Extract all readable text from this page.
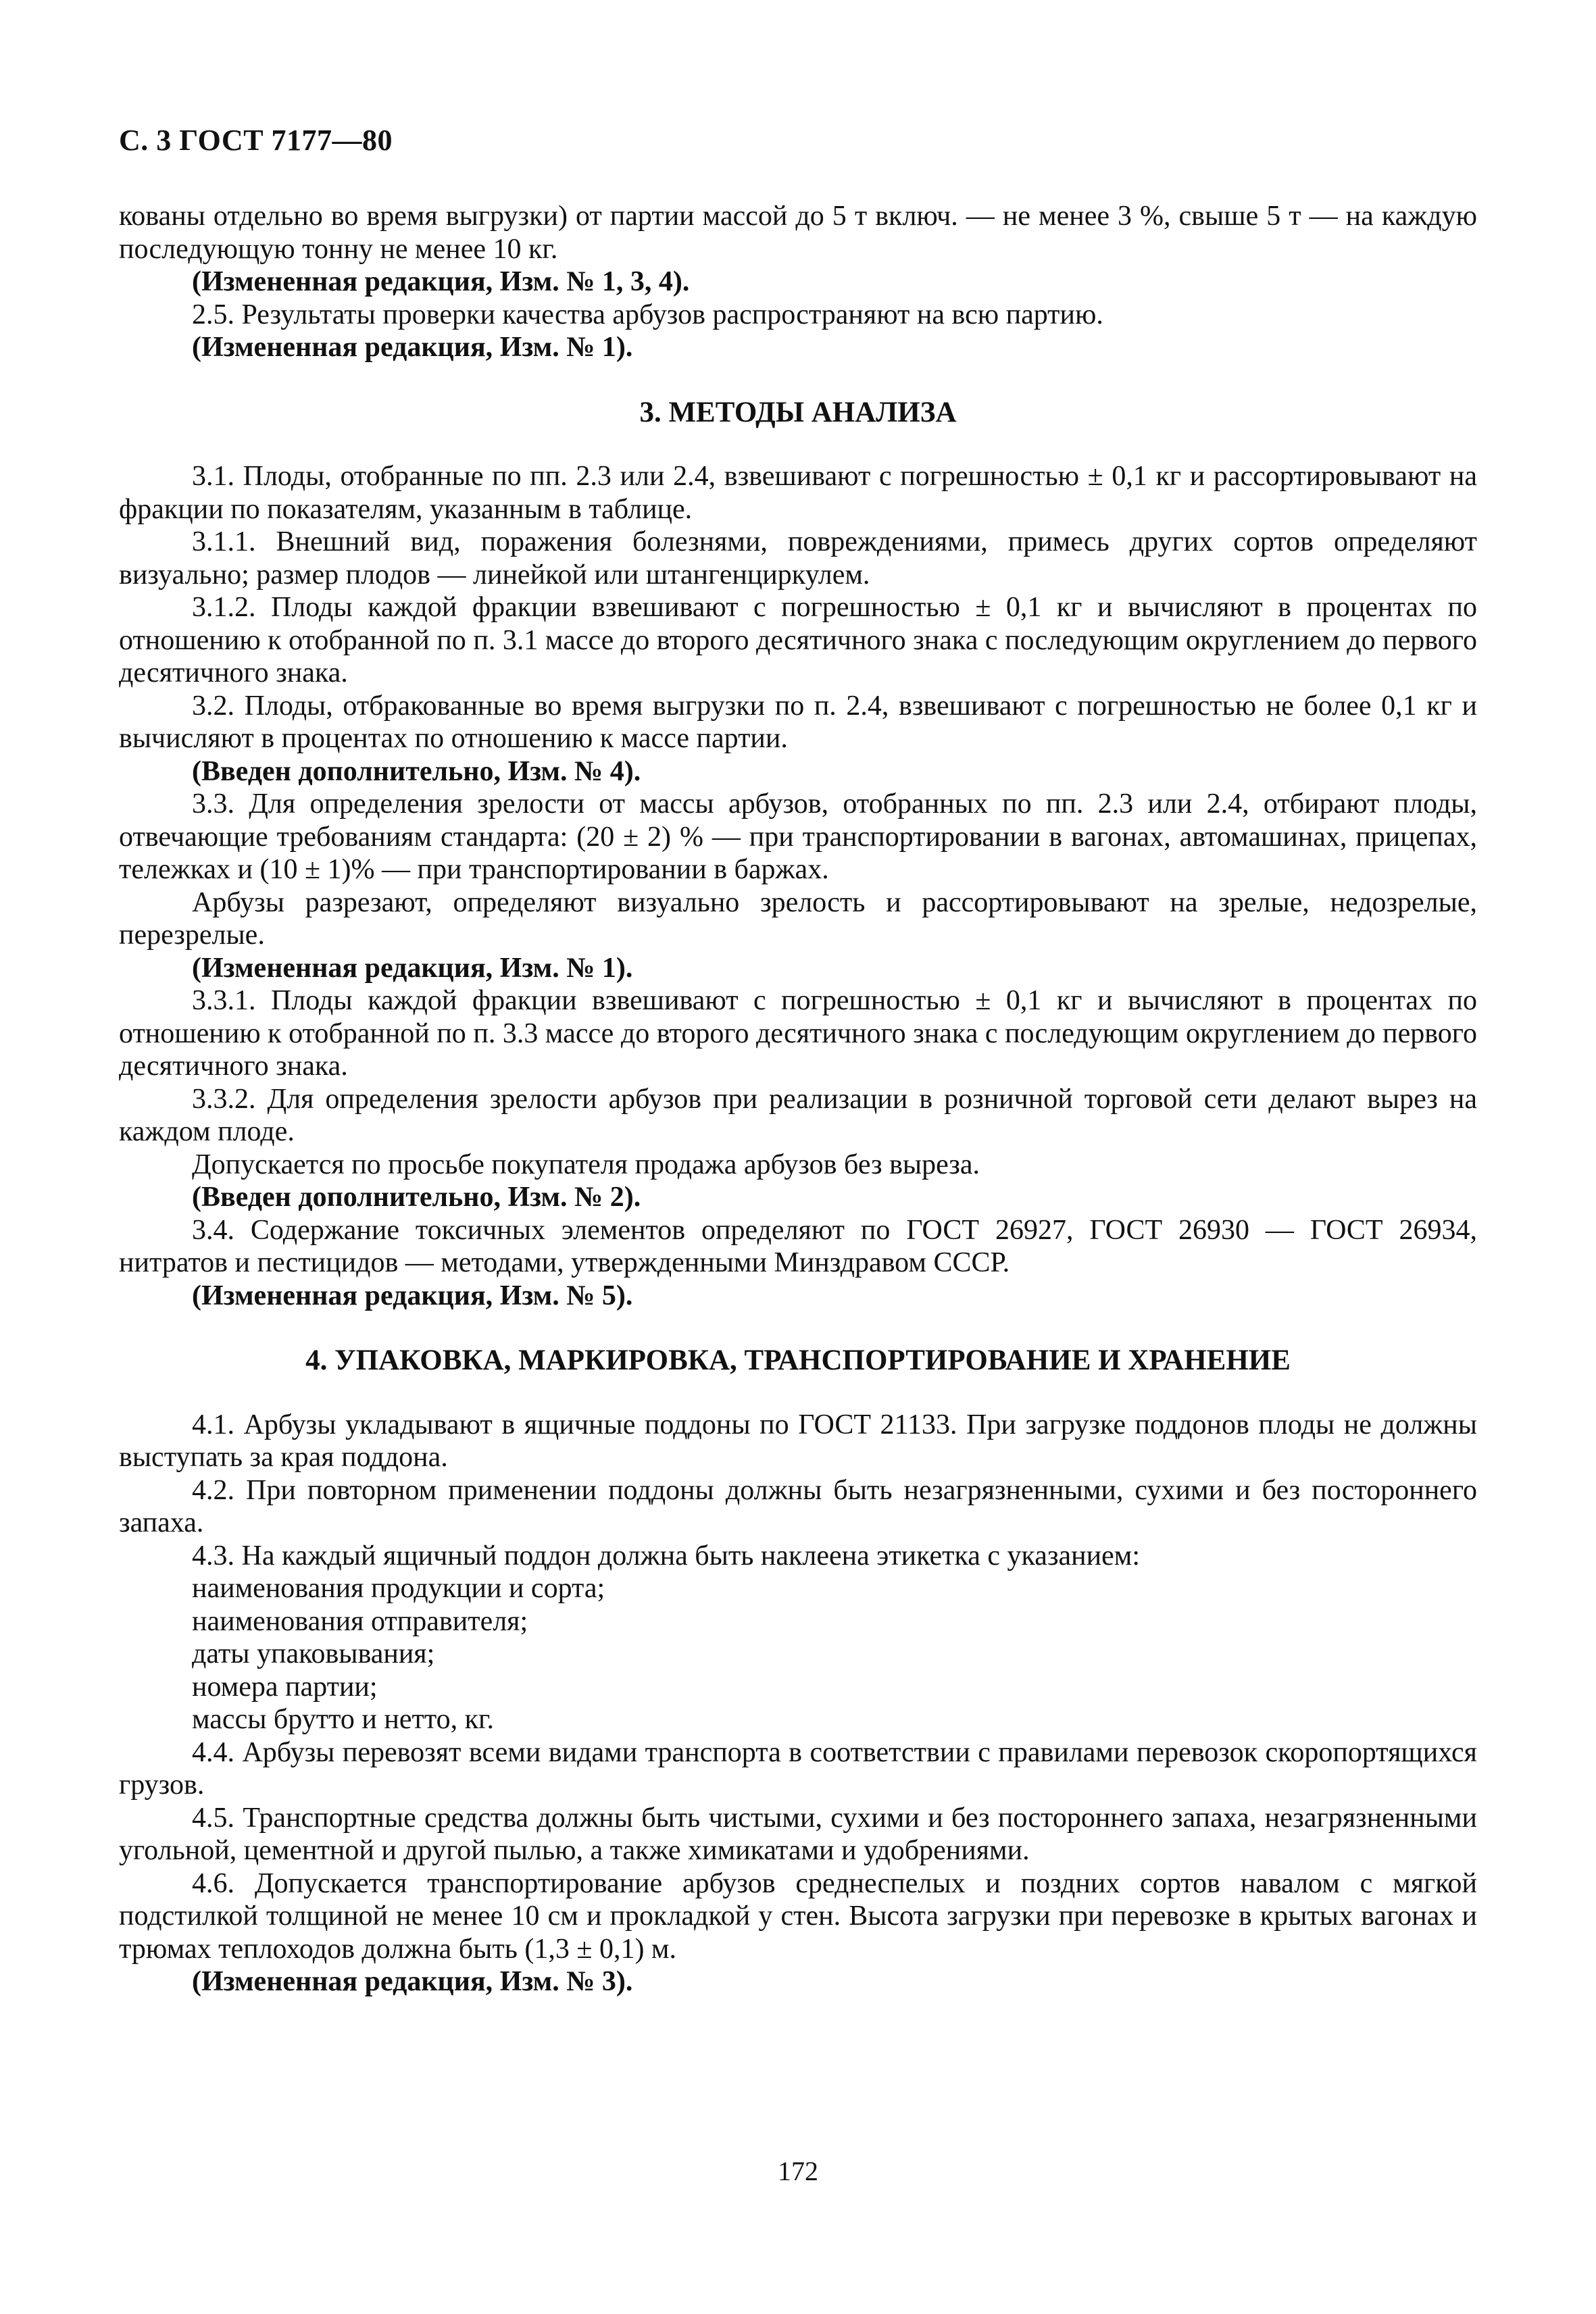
С. 3 ГОСТ 7177—80

кованы отдельно во время выгрузки) от партии массой до 5 т включ. — не менее 3 %, свыше 5 т — на каждую последующую тонну не менее 10 кг.

(Измененная редакция, Изм. № 1, 3, 4).

2.5. Результаты проверки качества арбузов распространяют на всю партию.

(Измененная редакция, Изм. № 1).

3. МЕТОДЫ АНАЛИЗА

3.1. Плоды, отобранные по пп. 2.3 или 2.4, взвешивают с погрешностью ± 0,1 кг и рассортировывают на фракции по показателям, указанным в таблице.

3.1.1. Внешний вид, поражения болезнями, повреждениями, примесь других сортов определяют визуально; размер плодов — линейкой или штангенциркулем.

3.1.2. Плоды каждой фракции взвешивают с погрешностью ± 0,1 кг и вычисляют в процентах по отношению к отобранной по п. 3.1 массе до второго десятичного знака с последующим округлением до первого десятичного знака.

3.2. Плоды, отбракованные во время выгрузки по п. 2.4, взвешивают с погрешностью не более 0,1 кг и вычисляют в процентах по отношению к массе партии.

(Введен дополнительно, Изм. № 4).

3.3. Для определения зрелости от массы арбузов, отобранных по пп. 2.3 или 2.4, отбирают плоды, отвечающие требованиям стандарта: (20 ± 2) % — при транспортировании в вагонах, автомашинах, прицепах, тележках и (10 ± 1)% — при транспортировании в баржах.

Арбузы разрезают, определяют визуально зрелость и рассортировывают на зрелые, недозрелые, перезрелые.

(Измененная редакция, Изм. № 1).

3.3.1. Плоды каждой фракции взвешивают с погрешностью ± 0,1 кг и вычисляют в процентах по отношению к отобранной по п. 3.3 массе до второго десятичного знака с последующим округлением до первого десятичного знака.

3.3.2. Для определения зрелости арбузов при реализации в розничной торговой сети делают вырез на каждом плоде.

Допускается по просьбе покупателя продажа арбузов без выреза.

(Введен дополнительно, Изм. № 2).

3.4. Содержание токсичных элементов определяют по ГОСТ 26927, ГОСТ 26930 — ГОСТ 26934, нитратов и пестицидов — методами, утвержденными Минздравом СССР.

(Измененная редакция, Изм. № 5).

4. УПАКОВКА, МАРКИРОВКА, ТРАНСПОРТИРОВАНИЕ И ХРАНЕНИЕ

4.1. Арбузы укладывают в ящичные поддоны по ГОСТ 21133. При загрузке поддонов плоды не должны выступать за края поддона.

4.2. При повторном применении поддоны должны быть незагрязненными, сухими и без постороннего запаха.

4.3. На каждый ящичный поддон должна быть наклеена этикетка с указанием:

наименования продукции и сорта;

наименования отправителя;

даты упаковывания;

номера партии;

массы брутто и нетто, кг.

4.4. Арбузы перевозят всеми видами транспорта в соответствии с правилами перевозок скоропортящихся грузов.

4.5. Транспортные средства должны быть чистыми, сухими и без постороннего запаха, незагрязненными угольной, цементной и другой пылью, а также химикатами и удобрениями.

4.6. Допускается транспортирование арбузов среднеспелых и поздних сортов навалом с мягкой подстилкой толщиной не менее 10 см и прокладкой у стен. Высота загрузки при перевозке в крытых вагонах и трюмах теплоходов должна быть (1,3 ± 0,1) м.

(Измененная редакция, Изм. № 3).

172
